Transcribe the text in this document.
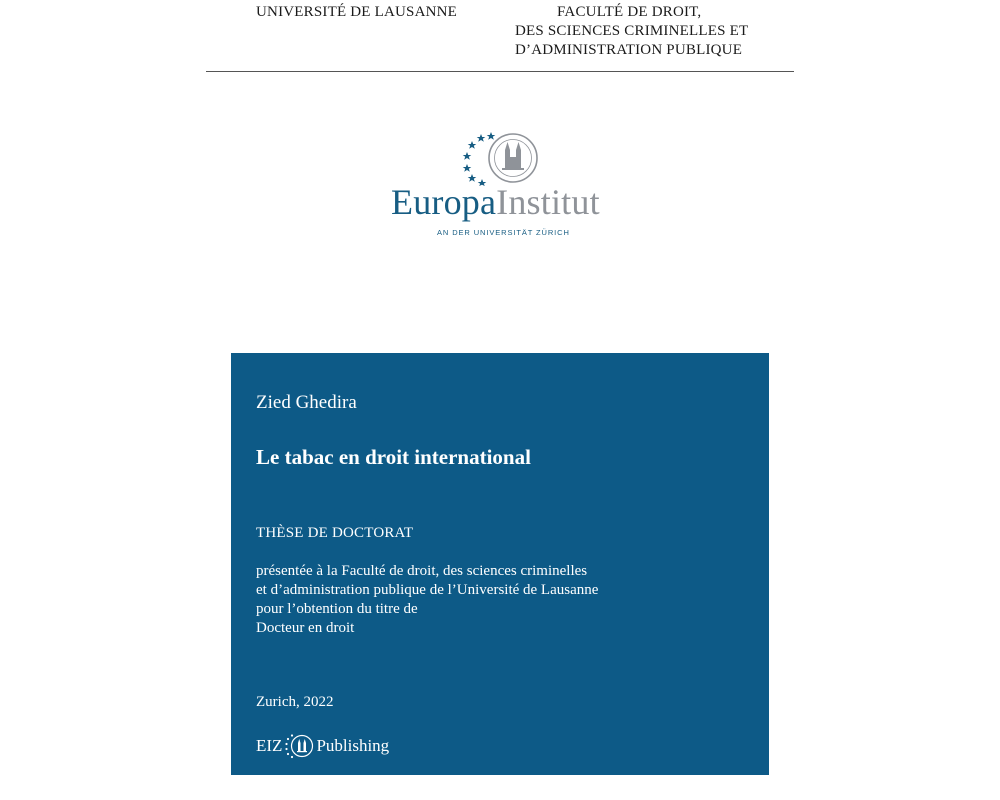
UNIVERSITÉ DE LAUSANNE	FACULTÉ DE DROIT,
DES SCIENCES CRIMINELLES ET
D’ADMINISTRATION PUBLIQUE
EuropaInstitut
AN DER UNIVERSITÄT ZÜRICH
Zied Ghedira
Le tabac en droit international
THÈSE DE DOCTORAT
présentée à la Faculté de droit, des sciences criminelles
et d’administration publique de l’Université de Lausanne
pour l’obtention du titre de
Docteur en droit
Zurich, 2022
EIZ Publishing
